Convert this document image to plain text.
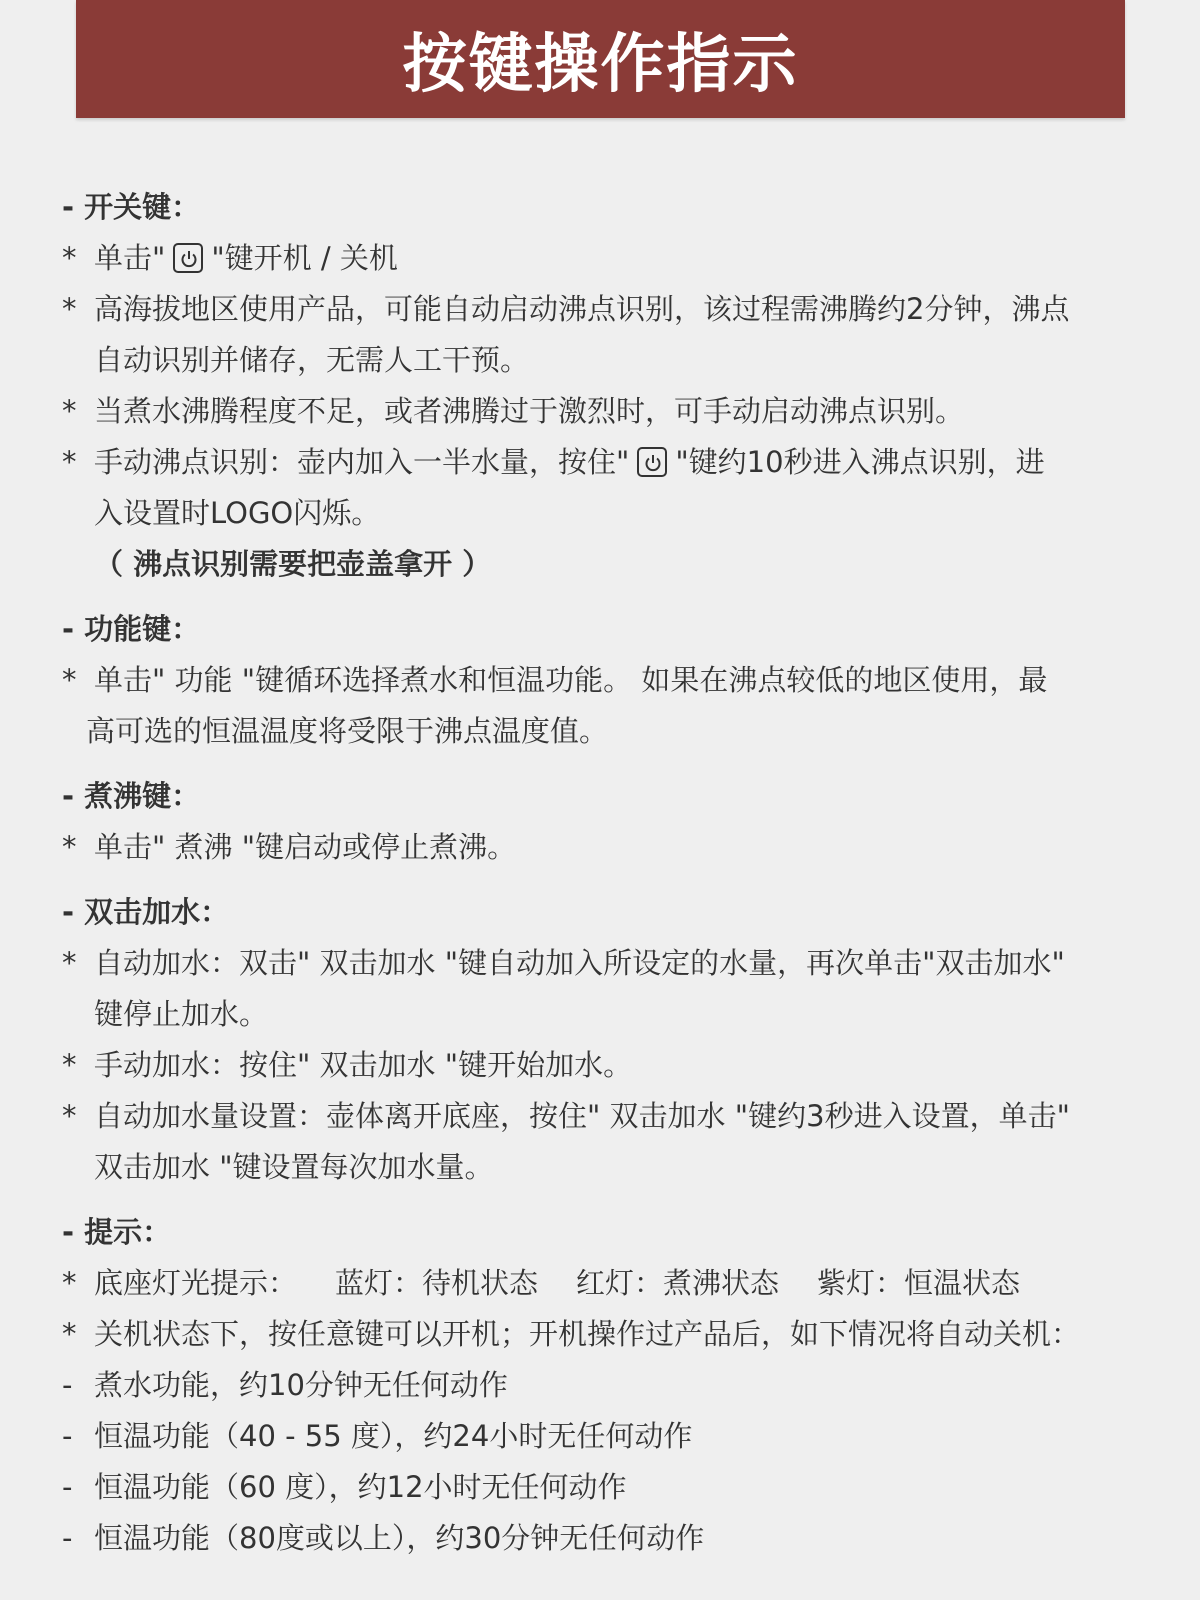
按键操作指示
- 开关键：
* 单击" "键开机 / 关机
* 高海拔地区使用产品，可能自动启动沸点识别，该过程需沸腾约2分钟，沸点
自动识别并储存，无需人工干预。
* 当煮水沸腾程度不足，或者沸腾过于激烈时，可手动启动沸点识别。
* 手动沸点识别：壶内加入一半水量，按住" "键约10秒进入沸点识别，进
入设置时LOGO闪烁。
（ 沸点识别需要把壶盖拿开 ）
- 功能键：
* 单击" 功能 "键循环选择煮水和恒温功能。 如果在沸点较低的地区使用，最
高可选的恒温温度将受限于沸点温度值。
- 煮沸键：
* 单击" 煮沸 "键启动或停止煮沸。
- 双击加水：
* 自动加水：双击" 双击加水 "键自动加入所设定的水量，再次单击"双击加水"
键停止加水。
* 手动加水：按住" 双击加水 "键开始加水。
* 自动加水量设置：壶体离开底座，按住" 双击加水 "键约3秒进入设置，单击"
双击加水 "键设置每次加水量。
- 提示：
* 底座灯光提示： 蓝灯：待机状态 红灯：煮沸状态 紫灯：恒温状态
* 关机状态下，按任意键可以开机；开机操作过产品后，如下情况将自动关机：
- 煮水功能，约10分钟无任何动作
- 恒温功能（40 - 55 度），约24小时无任何动作
- 恒温功能（60 度），约12小时无任何动作
- 恒温功能（80度或以上），约30分钟无任何动作
